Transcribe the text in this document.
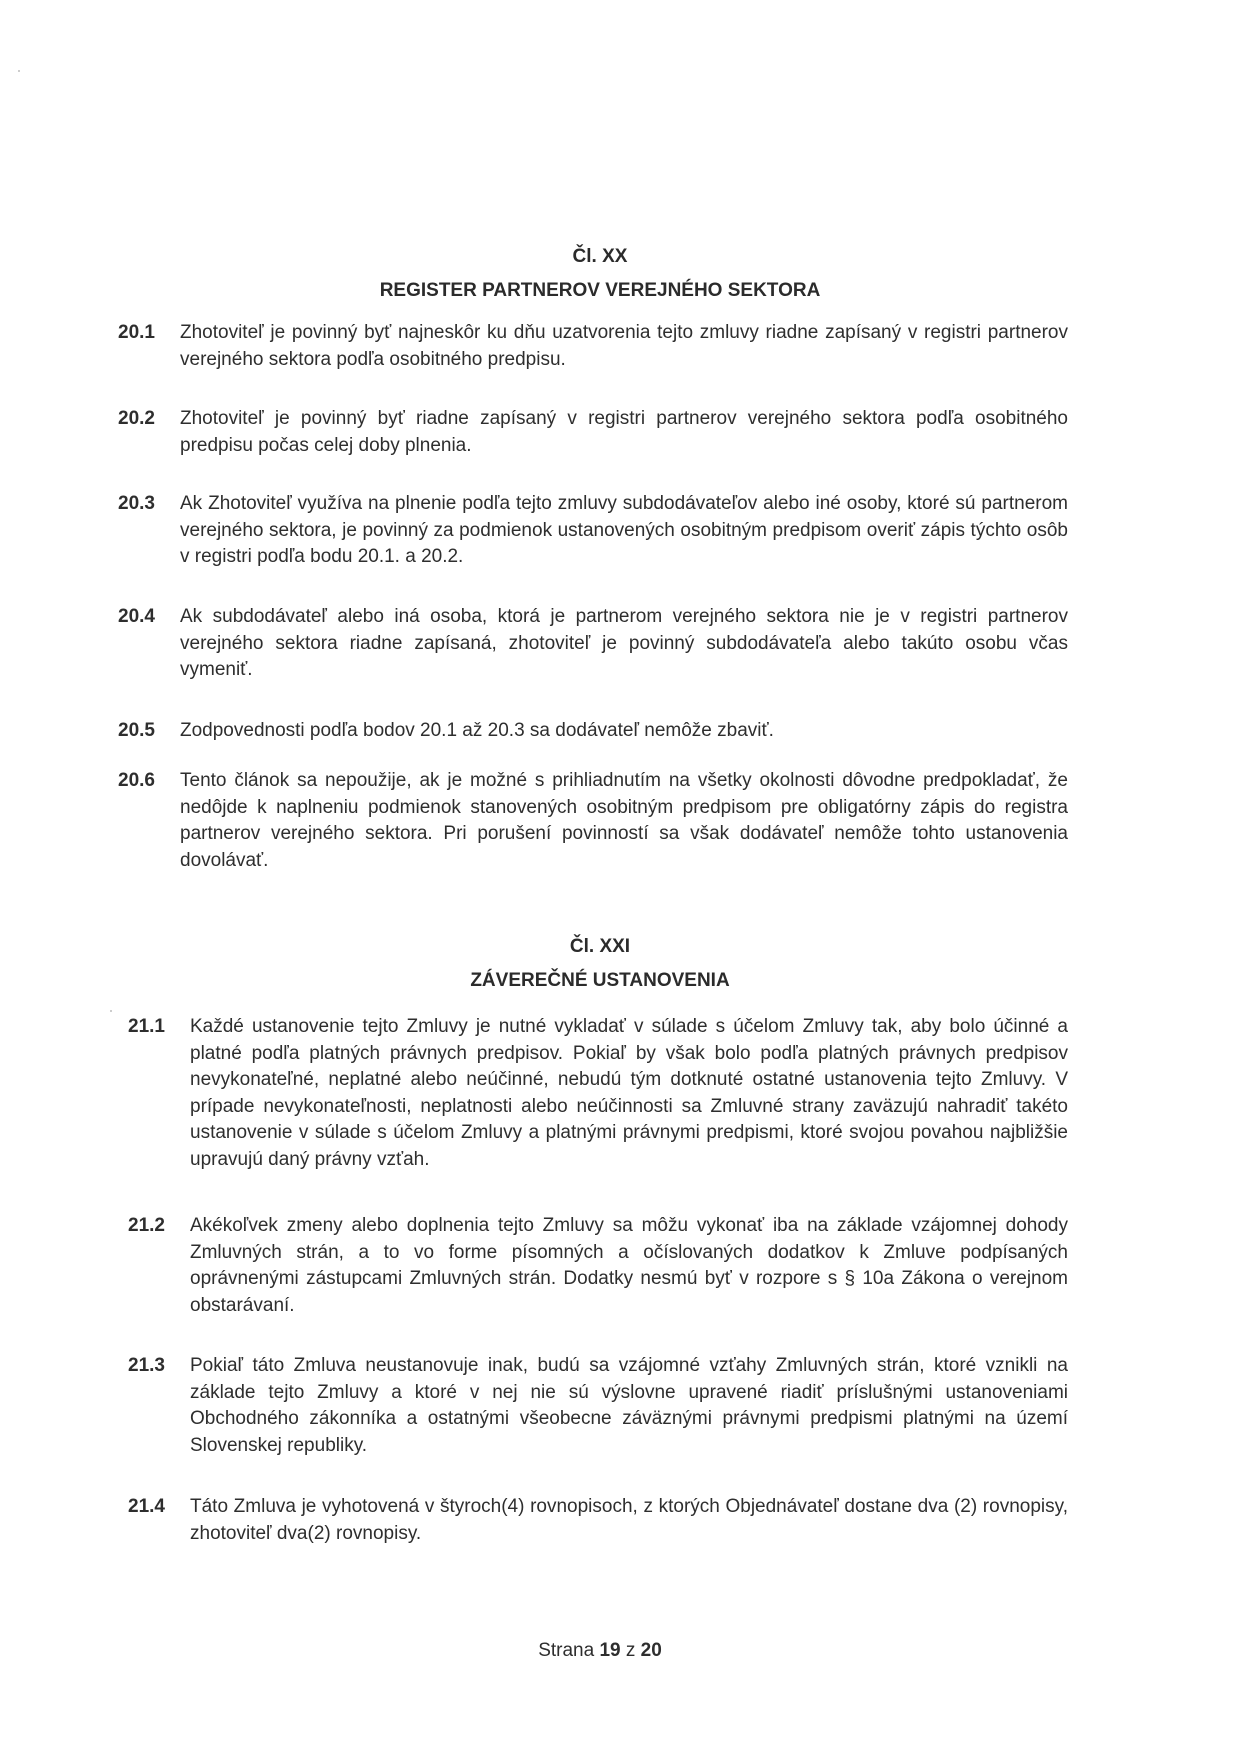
Čl. XX
REGISTER PARTNEROV VEREJNÉHO SEKTORA
20.1	Zhotoviteľ je povinný byť najneskôr ku dňu uzatvorenia tejto zmluvy riadne zapísaný v registri partnerov verejného sektora podľa osobitného predpisu.
20.2	Zhotoviteľ je povinný byť riadne zapísaný v registri partnerov verejného sektora podľa osobitného predpisu počas celej doby plnenia.
20.3	Ak Zhotoviteľ využíva na plnenie podľa tejto zmluvy subdodávateľov alebo iné osoby, ktoré sú partnerom verejného sektora, je povinný za podmienok ustanovených osobitným predpisom overiť zápis týchto osôb v registri podľa bodu 20.1. a 20.2.
20.4	Ak subdodávateľ alebo iná osoba, ktorá je partnerom verejného sektora nie je v registri partnerov verejného sektora riadne zapísaná, zhotoviteľ je povinný subdodávateľa alebo takúto osobu včas vymeniť.
20.5	Zodpovednosti podľa bodov 20.1 až 20.3 sa dodávateľ nemôže zbaviť.
20.6	Tento článok sa nepoužije, ak je možné s prihliadnutím na všetky okolnosti dôvodne predpokladať, že nedôjde k naplneniu podmienok stanovených osobitným predpisom pre obligatórny zápis do registra partnerov verejného sektora. Pri porušení povinností sa však dodávateľ nemôže tohto ustanovenia dovolávať.
Čl. XXI
ZÁVEREČNÉ USTANOVENIA
21.1	Každé ustanovenie tejto Zmluvy je nutné vykladať v súlade s účelom Zmluvy tak, aby bolo účinné a platné podľa platných právnych predpisov. Pokiaľ by však bolo podľa platných právnych predpisov nevykonateľné, neplatné alebo neúčinné, nebudú tým dotknuté ostatné ustanovenia tejto Zmluvy. V prípade nevykonateľnosti, neplatnosti alebo neúčinnosti sa Zmluvné strany zaväzujú nahradiť takéto ustanovenie v súlade s účelom Zmluvy a platnými právnymi predpismi, ktoré svojou povahou najbližšie upravujú daný právny vzťah.
21.2	Akékoľvek zmeny alebo doplnenia tejto Zmluvy sa môžu vykonať iba na základe vzájomnej dohody Zmluvných strán, a to vo forme písomných a očíslovaných dodatkov k Zmluve podpísaných oprávnenými zástupcami Zmluvných strán. Dodatky nesmú byť v rozpore s § 10a Zákona o verejnom obstarávaní.
21.3	Pokiaľ táto Zmluva neustanovuje inak, budú sa vzájomné vzťahy Zmluvných strán, ktoré vznikli na základe tejto Zmluvy a ktoré v nej nie sú výslovne upravené riadiť príslušnými ustanoveniami Obchodného zákonníka a ostatnými všeobecne záväznými právnymi predpismi platnými na území Slovenskej republiky.
21.4	Táto Zmluva je vyhotovená v štyroch(4) rovnopisoch, z ktorých Objednávateľ dostane dva (2) rovnopisy, zhotoviteľ dva(2) rovnopisy.
Strana 19 z 20
